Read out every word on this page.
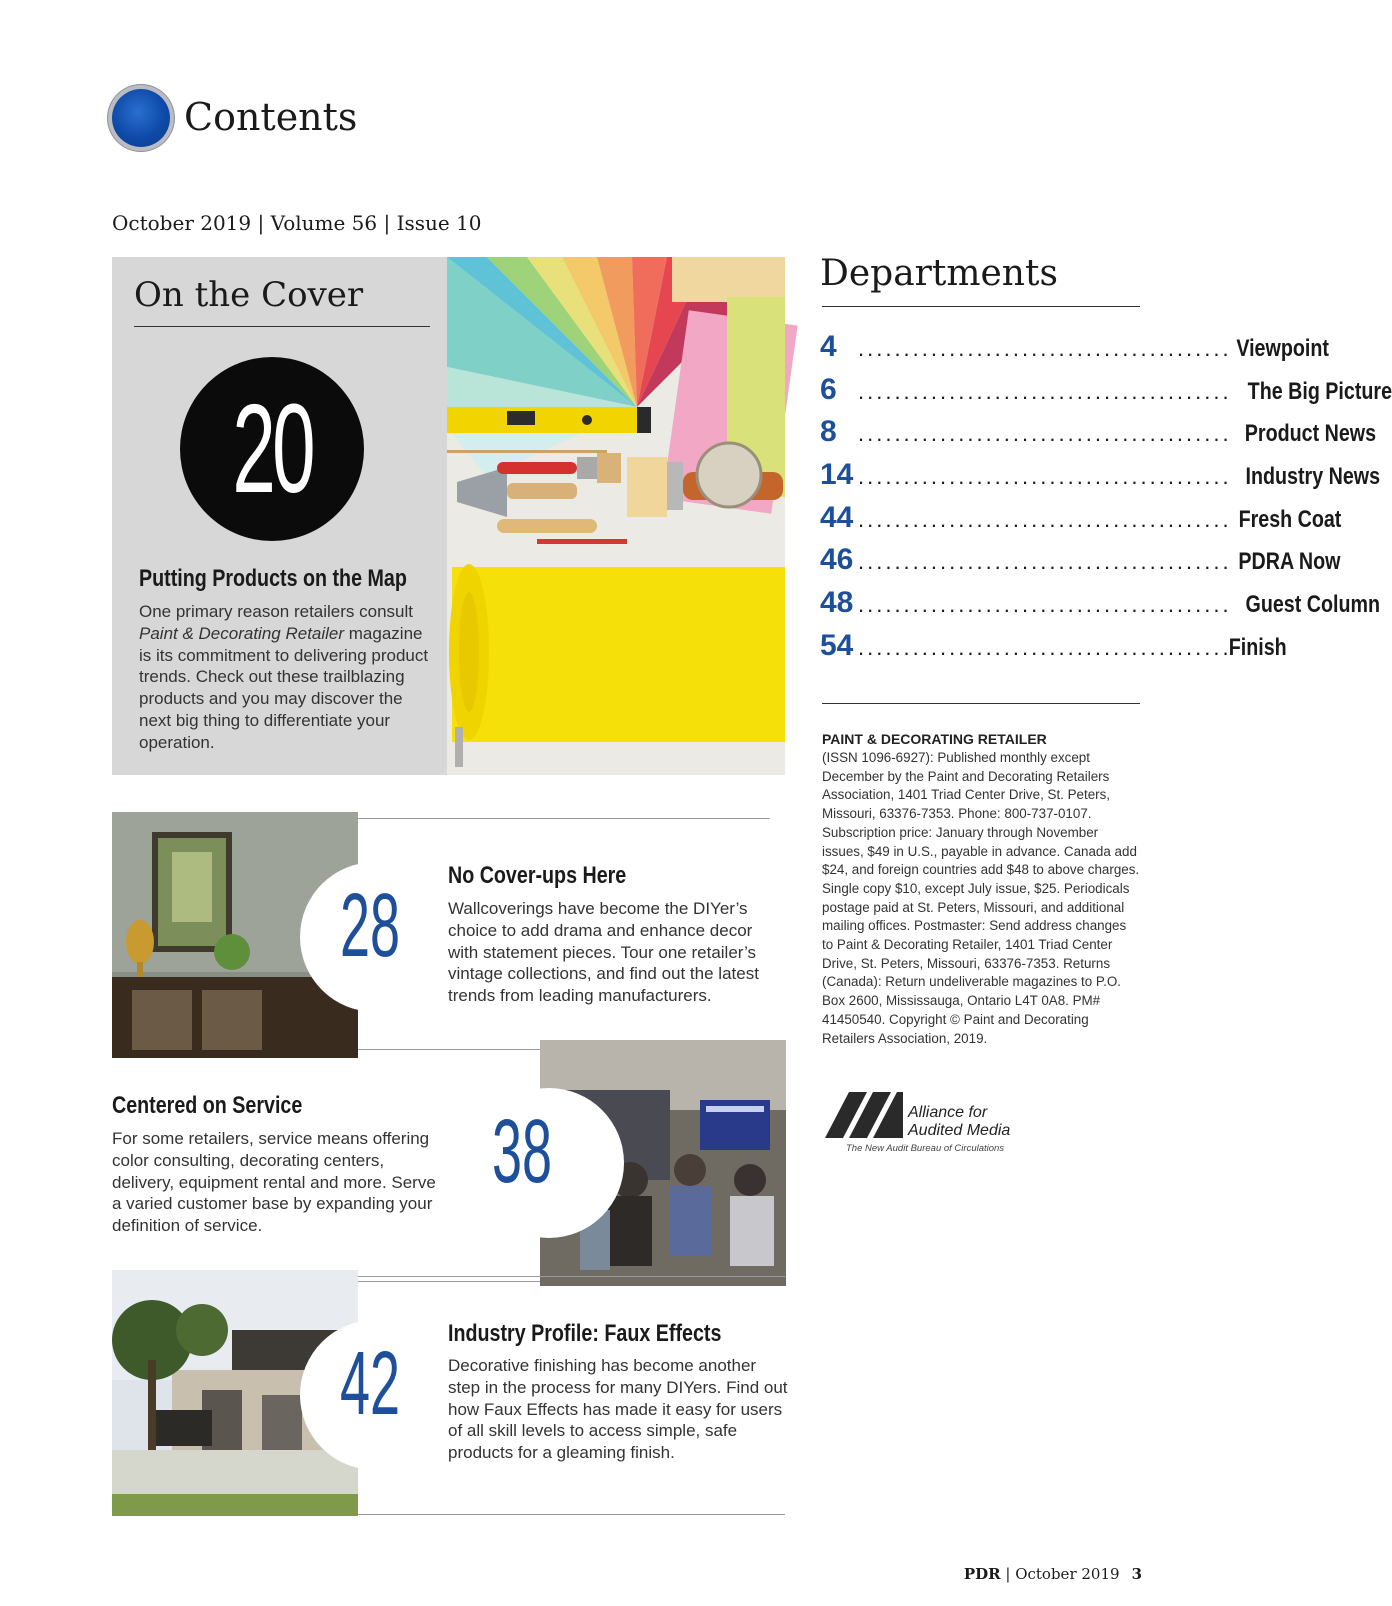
Contents
October 2019 | Volume 56 | Issue 10
On the Cover
20
Putting Products on the Map
One primary reason retailers consult Paint & Decorating Retailer magazine is its commitment to delivering product trends. Check out these trailblazing products and you may discover the next big thing to differentiate your operation.
Departments
4 ......................................... Viewpoint
6 ......................................... The Big Picture
8 ......................................... Product News
14 ......................................... Industry News
44 ......................................... Fresh Coat
46 ......................................... PDRA Now
48 ......................................... Guest Column
54 .........................................
Finish
PAINT & DECORATING RETAILER
(ISSN 1096-6927): Published monthly except December by the Paint and Decorating Retailers Association, 1401 Triad Center Drive, St. Peters, Missouri, 63376-7353. Phone: 800-737-0107. Subscription price: January through November issues, $49 in U.S., payable in advance. Canada add $24, and foreign countries add $48 to above charges. Single copy $10, except July issue, $25. Periodicals postage paid at St. Peters, Missouri, and additional mailing offices. Postmaster: Send address changes to Paint & Decorating Retailer, 1401 Triad Center Drive, St. Peters, Missouri, 63376-7353. Returns (Canada): Return undeliverable magazines to P.O. Box 2600, Mississauga, Ontario L4T 0A8. PM# 41450540. Copyright © Paint and Decorating Retailers Association, 2019.
Alliance for
Audited Media
The New Audit Bureau of Circulations
28
No Cover-ups Here
Wallcoverings have become the DIYer’s choice to add drama and enhance decor with statement pieces. Tour one retailer’s vintage collections, and find out the latest trends from leading manufacturers.
38
Centered on Service
For some retailers, service means offering color consulting, decorating centers, delivery, equipment rental and more. Serve a varied customer base by expanding your definition of service.
42
Industry Profile: Faux Effects
Decorative finishing has become another step in the process for many DIYers. Find out how Faux Effects has made it easy for users of all skill levels to access simple, safe products for a gleaming finish.
PDR | October 2019 3
